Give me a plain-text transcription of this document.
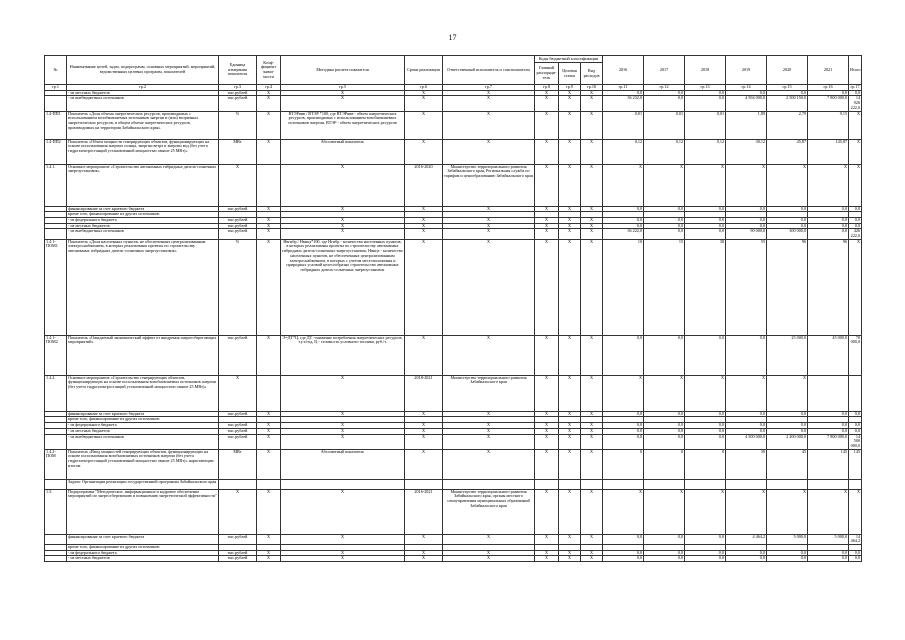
17
№	Наименование целей, задач, подпрограмм, основных мероприятий, мероприятий, ведомственных целевых программ, показателей	Единица измерения показателя	Коэф-фициент значи-мости	Методика расчета показателя	Сроки реализации	Ответственный исполнитель и соисполнители	Коды бюджетной классификации			2016	2017	2018	2019	2020	2021	Итого
							Главный распоряди-тель	Целевая статья	Вид расходов							
гр.1	гр.2	гр.3	гр.4	гр.5	гр.6	гр.7	гр.8	гр.9	гр.10	гр.11	гр.12	гр.13	гр.14	гр.15	гр.16	гр.17
	- из местных бюджетов	тыс.рублей	X	X	X	X	X	X	X	0,0	0,0	0,0	0,0	0,0	0,0	0,0
	- из внебюджетных источников	тыс.рублей	X	X	X	X	X	X	X	36 232,0	0,0	0,0	4 594 000,0	2 500 150,0	7 800 000,0	14 926 222,0
1.4-ПП1	Показатель «Доля объема энергетических ресурсов, производимых с использованием возобновляемых источников энергии и (или) вторичных энергетических ресурсов, в общем объеме энергетических ресурсов, производимых на территории Забайкальского края»	%	X	ВТЭРвив / ВТЭР *100, где ВТЭРвив - объем энергетических ресурсов, производимых с использованием возобновляемых источников энергии, ВТЭР - объем энергетических ресурсов	X	X	X	X	X	0,01	0,01	0,01	1,89	2,79	9,15	X
1.4-ПП2	Показатель «Объем мощности генерирующих объектов, функционирующих на основе использования энергии солнца, энергии ветра и энергии вод (без учета гидроэлектростанций установленной мощностью свыше 25 МВт)»	МВт	X	Абсолютный показатель	X	X	X	X	X	0,12	0,12	0,12	30,12	45,87	145,87	X
1.4.1.	Основное мероприятие «Строительство автономных гибридных дизель-солнечных энергоустановок»	X		X	2016-2020	Министерство территориального развития Забайкальского края, Региональная служба по тарифам и ценообразованию Забайкальского края	X	X	X	X	X	X	X	X	X	X
	финансирование за счет краевого бюджета	тыс.рублей	X	X	X	X	X	X	X	0,0	0,0	0,0	0,0	0,0	0,0	0,0
	кроме того, финансирование из других источников:															
	- из федерального бюджета	тыс.рублей	X	X	X	X	X	X	X	0,0	0,0	0,0	0,0	0,0	0,0	0,0
	- из местных бюджетов	тыс.рублей	X	X	X	X	X	X	X	0,0	0,0	0,0	0,0	0,0	0,0	0,0
	- из внебюджетных источников	тыс.рублей	X	X	X	X	X	X	X	36 222,0	0,0	0,0	90 000,0	300 000,0	0,0	426 222,0
1.4.1-ПОМ1	Показатель «Доля населенных пунктов, не обеспеченных централизованным электроснабжением, в которых реализованы проекты по строительству автономных гибридных дизель-солнечных энергоустановок»	%	X	Нвгибр / Нвнцэ*100, где Нгибр - количество населенных пунктов, в которых реализованы проекты по строительству автономных гибридных дизель-солнечных энергоустановок, Нвнцэ - количество населенных пунктов, не обеспеченных централизованным электроснабжением, в которых с учетом местоположения и природных условий целесообразно строительство автономных гибридных дизель-солнечных энергоустановок	X	X	X	X	X	10	15	38	55	96	96	X
1.4.1-ПОМ2	Показатель «Ожидаемый экономический эффект от внедрения энергосберегающих мероприятий»	тыс.рублей	X	Э=ДТ*Ц, где ДТ -снижение потребления энергетических ресурсов, т.у.т/год, Ц - стоимость условного топлива, руб./т.	X	X	X	X	X	0,0	0,0	0,0	0,0	25 000,0	45 000,0	70 000,0
1.4.2.	Основное мероприятие «Строительство генерирующих объектов, функционирующих на основе использования возобновляемых источников энергии (без учета гидроэлектростанций установленной мощностью свыше 25 МВт)»	X		X	2018-2021	Министерство территориального развития Забайкальского края	X	X	X	X	X	X	X	X		
	финансирование за счет краевого бюджета	тыс.рублей	X	X	X	X	X	X	X	0,0	0,0	0,0	0,0	0,0	0,0	0,0
	кроме того, финансирование из других источников:															
	- из федерального бюджета	тыс.рублей	X	X	X	X	X	X	X	0,0	0,0	0,0	0,0	0,0	0,0	0,0
	- из местных бюджетов	тыс.рублей	X	X	X	X	X	X	X	0,0	0,0	0,0	0,0	0,0	0,0	0,0
	- из внебюджетных источников	тыс.рублей	X	X	X	X	X	X	X	0,0	0,0	0,0	4 500 000,0	2 200 000,0	7 800 000,0	14 500 000,0
1.4.2-ПОМ	Показатель «Ввод мощностей генерирующих объектов, функционирующих на основе использования возобновляемых источников энергии (без учета гидроэлектростанций установленной мощностью свыше 25 МВт)» нарастающим итогом	МВт	X	Абсолютный показатель	X	X	X	X	X	0	0	0	30	45	145	145
	Задача: Организация реализации государственной программы Забайкальского края															
1.5.	Подпрограмма "Методическое, информационное и кадровое обеспечение мероприятий по энергосбережению и повышению энергетической эффективности"	X	X	X	2016-2021	Министерство территориального развития Забайкальского края, органы местного самоуправления муниципальных образований Забайкальского края	X	X	X	X	X	X	X	X	X	X
	финансирование за счет краевого бюджета	тыс.рублей	X	X	X	X	X	X	X	0,0	0,0	0,0	4 464,2	5 000,0	5 000,0	14 464,2
	кроме того, финансирование из других источников:															
	- из федерального бюджета	тыс.рублей	X	X	X	X	X	X	X	0,0	0,0	0,0	0,0	0,0	0,0	0,0
	- из местных бюджетов	тыс.рублей	X	X	X	X	X	X	X	0,0	0,0	0,0	0,0	0,0	0,0	0,0
